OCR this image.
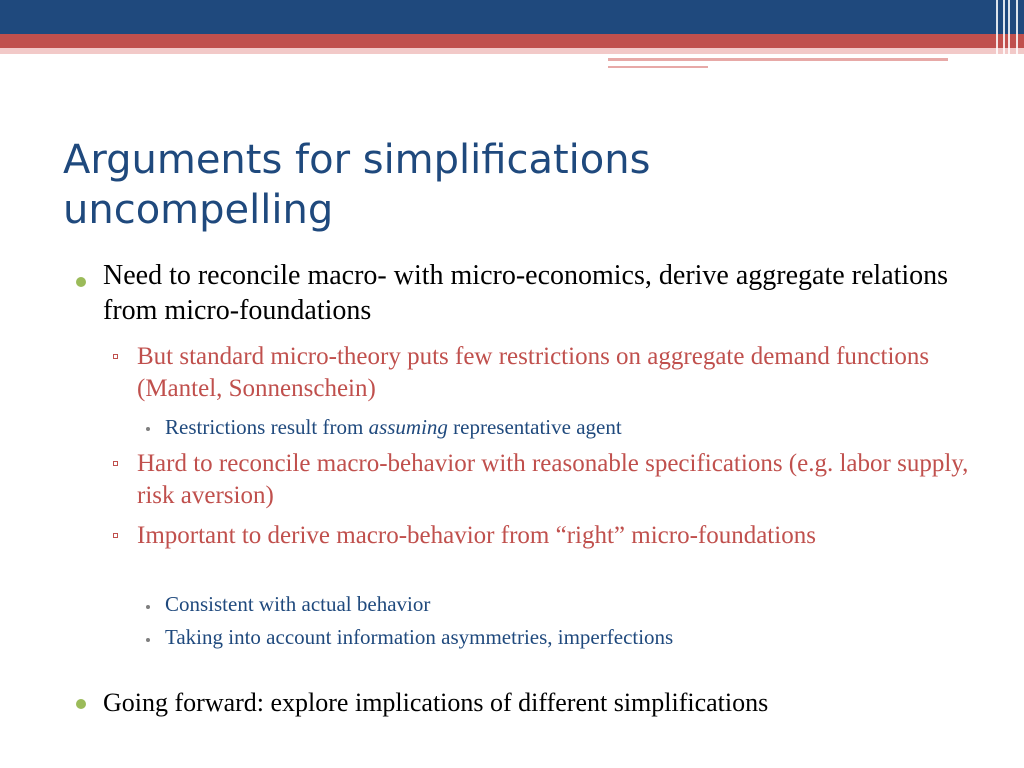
Arguments for simplifications
uncompelling

Need to reconcile macro- with micro-economics, derive aggregate relations from micro-foundations

But standard micro-theory puts few restrictions on aggregate demand functions (Mantel, Sonnenschein)

Restrictions result from assuming representative agent

Hard to reconcile macro-behavior with reasonable specifications (e.g. labor supply, risk aversion)

Important to derive macro-behavior from “right” micro-foundations

Consistent with actual behavior

Taking into account information asymmetries, imperfections

Going forward: explore implications of different simplifications
